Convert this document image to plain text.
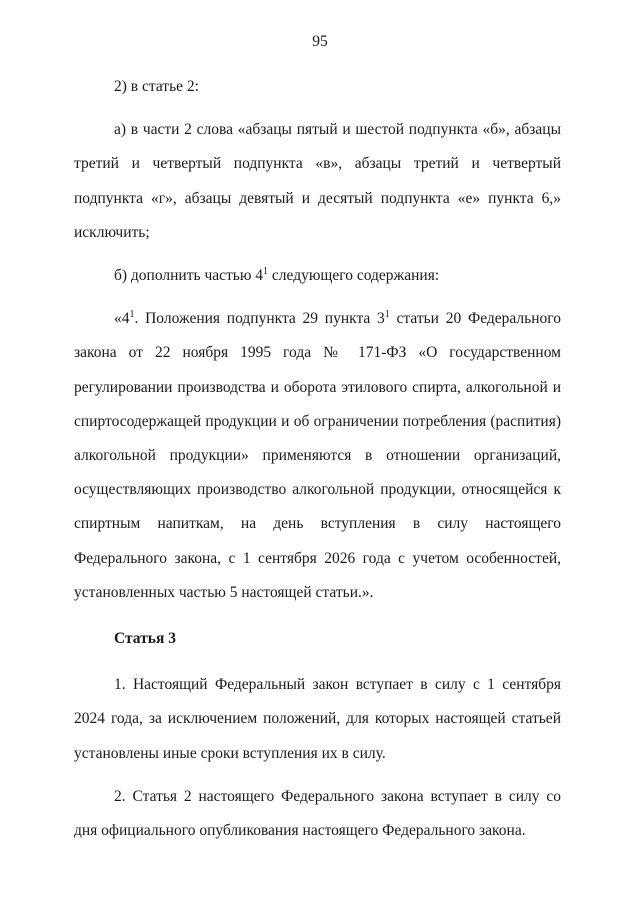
95

2) в статье 2:

а) в части 2 слова «абзацы пятый и шестой подпункта «б», абзацы третий и четвертый подпункта «в», абзацы третий и четвертый подпункта «г», абзацы девятый и десятый подпункта «е» пункта 6,» исключить;

б) дополнить частью $4^1$ следующего содержания:

«$4^1$. Положения подпункта 29 пункта $3^1$ статьи 20 Федерального закона от 22 ноября 1995 года № 171-ФЗ «О государственном регулировании производства и оборота этилового спирта, алкогольной и спиртосодержащей продукции и об ограничении потребления (распития) алкогольной продукции» применяются в отношении организаций, осуществляющих производство алкогольной продукции, относящейся к спиртным напиткам, на день вступления в силу настоящего Федерального закона, с 1 сентября 2026 года с учетом особенностей, установленных частью 5 настоящей статьи.».

Статья 3

1. Настоящий Федеральный закон вступает в силу с 1 сентября 2024 года, за исключением положений, для которых настоящей статьей установлены иные сроки вступления их в силу.

2. Статья 2 настоящего Федерального закона вступает в силу со дня официального опубликования настоящего Федерального закона.
